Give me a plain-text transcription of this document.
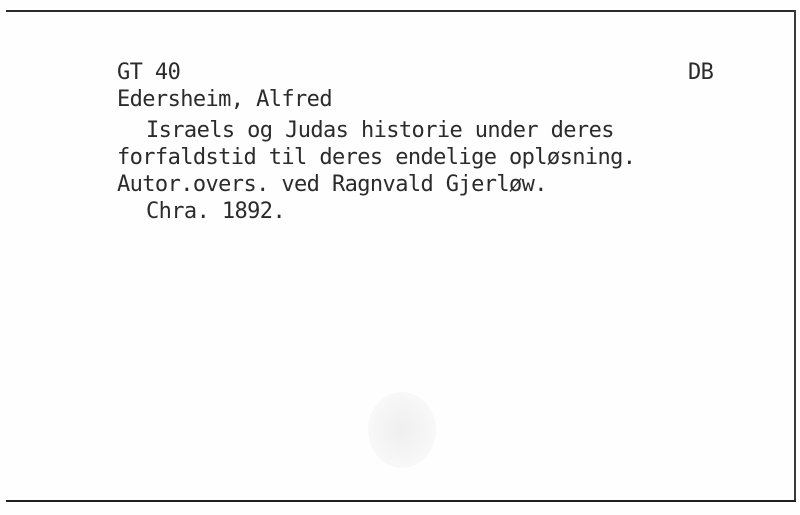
GT 40	DB
Edersheim, Alfred
Israels og Judas historie under deres
forfaldstid til deres endelige opløsning.
Autor.overs. ved Ragnvald Gjerløw.
Chra. 1892.
